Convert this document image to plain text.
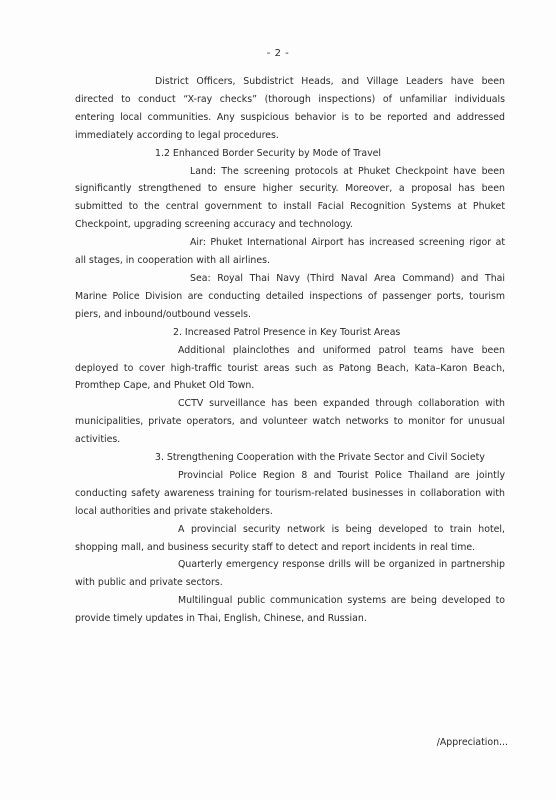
- 2 -

District Officers, Subdistrict Heads, and Village Leaders have been directed to conduct “X-ray checks” (thorough inspections) of unfamiliar individuals entering local communities. Any suspicious behavior is to be reported and addressed immediately according to legal procedures.

1.2 Enhanced Border Security by Mode of Travel

Land: The screening protocols at Phuket Checkpoint have been significantly strengthened to ensure higher security. Moreover, a proposal has been submitted to the central government to install Facial Recognition Systems at Phuket Checkpoint, upgrading screening accuracy and technology.

Air: Phuket International Airport has increased screening rigor at all stages, in cooperation with all airlines.

Sea: Royal Thai Navy (Third Naval Area Command) and Thai Marine Police Division are conducting detailed inspections of passenger ports, tourism piers, and inbound/outbound vessels.

2. Increased Patrol Presence in Key Tourist Areas

Additional plainclothes and uniformed patrol teams have been deployed to cover high-traffic tourist areas such as Patong Beach, Kata–Karon Beach, Promthep Cape, and Phuket Old Town.

CCTV surveillance has been expanded through collaboration with municipalities, private operators, and volunteer watch networks to monitor for unusual activities.

3. Strengthening Cooperation with the Private Sector and Civil Society

Provincial Police Region 8 and Tourist Police Thailand are jointly conducting safety awareness training for tourism-related businesses in collaboration with local authorities and private stakeholders.

A provincial security network is being developed to train hotel, shopping mall, and business security staff to detect and report incidents in real time.

Quarterly emergency response drills will be organized in partnership with public and private sectors.

Multilingual public communication systems are being developed to provide timely updates in Thai, English, Chinese, and Russian.

/Appreciation...
